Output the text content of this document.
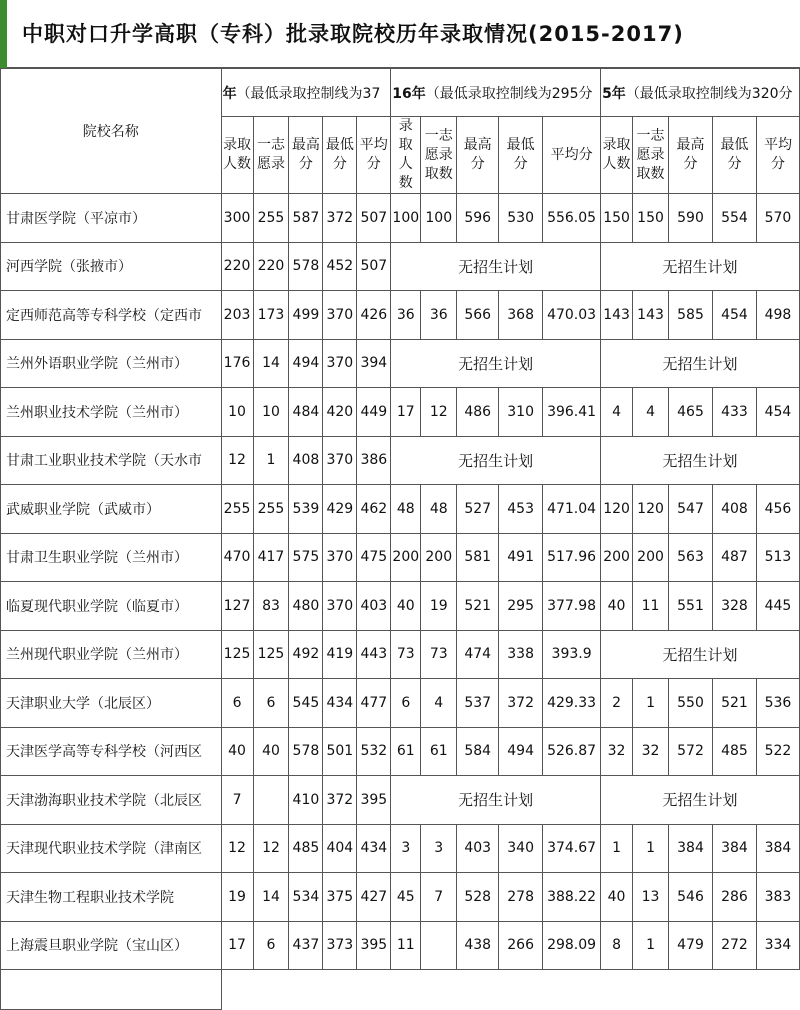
中职对口升学高职（专科）批录取院校历年录取情况(2015-2017)
院校名称	年（最低录取控制线为37					16年（最低录取控制线为295分					5年（最低录取控制线为320分				
	录取人数	一志愿录	最高分	最低分	平均分	录取人数	一志愿录取数	最高分	最低分	平均分	录取人数	一志愿录取数	最高分	最低分	平均分
甘肃医学院（平凉市）	300	255	587	372	507	100	100	596	530	556.05	150	150	590	554	570
河西学院（张掖市）	220	220	578	452	507	无招生计划					无招生计划				
定西师范高等专科学校（定西市	203	173	499	370	426	36	36	566	368	470.03	143	143	585	454	498
兰州外语职业学院（兰州市）	176	14	494	370	394	无招生计划					无招生计划				
兰州职业技术学院（兰州市）	10	10	484	420	449	17	12	486	310	396.41	4	4	465	433	454
甘肃工业职业技术学院（天水市	12	1	408	370	386	无招生计划					无招生计划				
武威职业学院（武威市）	255	255	539	429	462	48	48	527	453	471.04	120	120	547	408	456
甘肃卫生职业学院（兰州市）	470	417	575	370	475	200	200	581	491	517.96	200	200	563	487	513
临夏现代职业学院（临夏市）	127	83	480	370	403	40	19	521	295	377.98	40	11	551	328	445
兰州现代职业学院（兰州市）	125	125	492	419	443	73	73	474	338	393.9	无招生计划				
天津职业大学（北辰区）	6	6	545	434	477	6	4	537	372	429.33	2	1	550	521	536
天津医学高等专科学校（河西区	40	40	578	501	532	61	61	584	494	526.87	32	32	572	485	522
天津渤海职业技术学院（北辰区	7		410	372	395	无招生计划					无招生计划				
天津现代职业技术学院（津南区	12	12	485	404	434	3	3	403	340	374.67	1	1	384	384	384
天津生物工程职业技术学院	19	14	534	375	427	45	7	528	278	388.22	40	13	546	286	383
上海震旦职业学院（宝山区）	17	6	437	373	395	11		438	266	298.09	8	1	479	272	334
